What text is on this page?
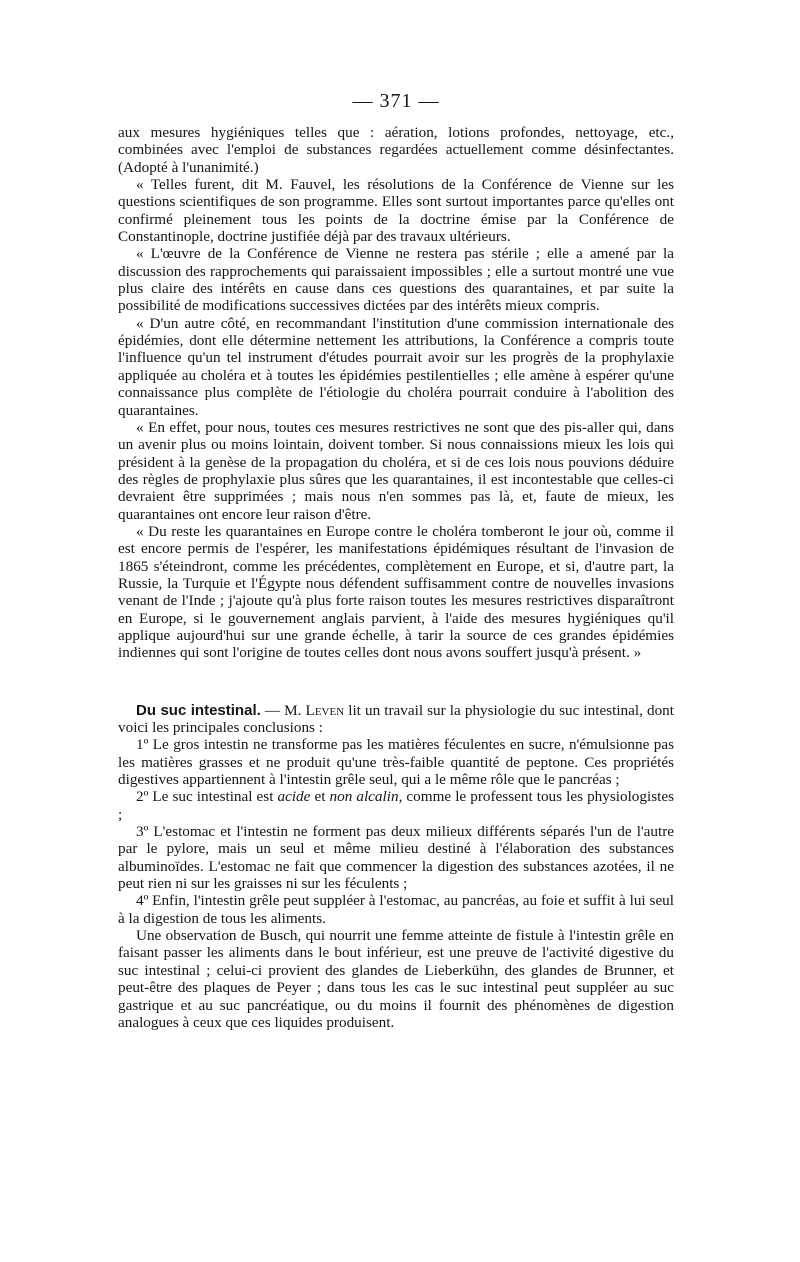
— 371 —

aux mesures hygiéniques telles que : aération, lotions profondes, nettoyage, etc., combinées avec l'emploi de substances regardées actuellement comme désinfectantes. (Adopté à l'unanimité.)

« Telles furent, dit M. Fauvel, les résolutions de la Conférence de Vienne sur les questions scientifiques de son programme. Elles sont surtout importantes parce qu'elles ont confirmé pleinement tous les points de la doctrine émise par la Conférence de Constantinople, doctrine justifiée déjà par des travaux ultérieurs.

« L'œuvre de la Conférence de Vienne ne restera pas stérile ; elle a amené par la discussion des rapprochements qui paraissaient impossibles ; elle a surtout montré une vue plus claire des intérêts en cause dans ces questions des quarantaines, et par suite la possibilité de modifications successives dictées par des intérêts mieux compris.

« D'un autre côté, en recommandant l'institution d'une commission internationale des épidémies, dont elle détermine nettement les attributions, la Conférence a compris toute l'influence qu'un tel instrument d'études pourrait avoir sur les progrès de la prophylaxie appliquée au choléra et à toutes les épidémies pestilentielles ; elle amène à espérer qu'une connaissance plus complète de l'étiologie du choléra pourrait conduire à l'abolition des quarantaines.

« En effet, pour nous, toutes ces mesures restrictives ne sont que des pis-aller qui, dans un avenir plus ou moins lointain, doivent tomber. Si nous connaissions mieux les lois qui président à la genèse de la propagation du choléra, et si de ces lois nous pouvions déduire des règles de prophylaxie plus sûres que les quarantaines, il est incontestable que celles-ci devraient être supprimées ; mais nous n'en sommes pas là, et, faute de mieux, les quarantaines ont encore leur raison d'être.

« Du reste les quarantaines en Europe contre le choléra tomberont le jour où, comme il est encore permis de l'espérer, les manifestations épidémiques résultant de l'invasion de 1865 s'éteindront, comme les précédentes, complètement en Europe, et si, d'autre part, la Russie, la Turquie et l'Égypte nous défendent suffisamment contre de nouvelles invasions venant de l'Inde ; j'ajoute qu'à plus forte raison toutes les mesures restrictives disparaîtront en Europe, si le gouvernement anglais parvient, à l'aide des mesures hygiéniques qu'il applique aujourd'hui sur une grande échelle, à tarir la source de ces grandes épidémies indiennes qui sont l'origine de toutes celles dont nous avons souffert jusqu'à présent. »

Du suc intestinal. — M. Leven lit un travail sur la physiologie du suc intestinal, dont voici les principales conclusions :

1º Le gros intestin ne transforme pas les matières féculentes en sucre, n'émulsionne pas les matières grasses et ne produit qu'une très-faible quantité de peptone. Ces propriétés digestives appartiennent à l'intestin grêle seul, qui a le même rôle que le pancréas ;

2º Le suc intestinal est acide et non alcalin, comme le professent tous les physiologistes ;

3º L'estomac et l'intestin ne forment pas deux milieux différents séparés l'un de l'autre par le pylore, mais un seul et même milieu destiné à l'élaboration des substances albuminoïdes. L'estomac ne fait que commencer la digestion des substances azotées, il ne peut rien ni sur les graisses ni sur les féculents ;

4º Enfin, l'intestin grêle peut suppléer à l'estomac, au pancréas, au foie et suffit à lui seul à la digestion de tous les aliments.

Une observation de Busch, qui nourrit une femme atteinte de fistule à l'intestin grêle en faisant passer les aliments dans le bout inférieur, est une preuve de l'activité digestive du suc intestinal ; celui-ci provient des glandes de Lieberkühn, des glandes de Brunner, et peut-être des plaques de Peyer ; dans tous les cas le suc intestinal peut suppléer au suc gastrique et au suc pancréatique, ou du moins il fournit des phénomènes de digestion analogues à ceux que ces liquides produisent.
